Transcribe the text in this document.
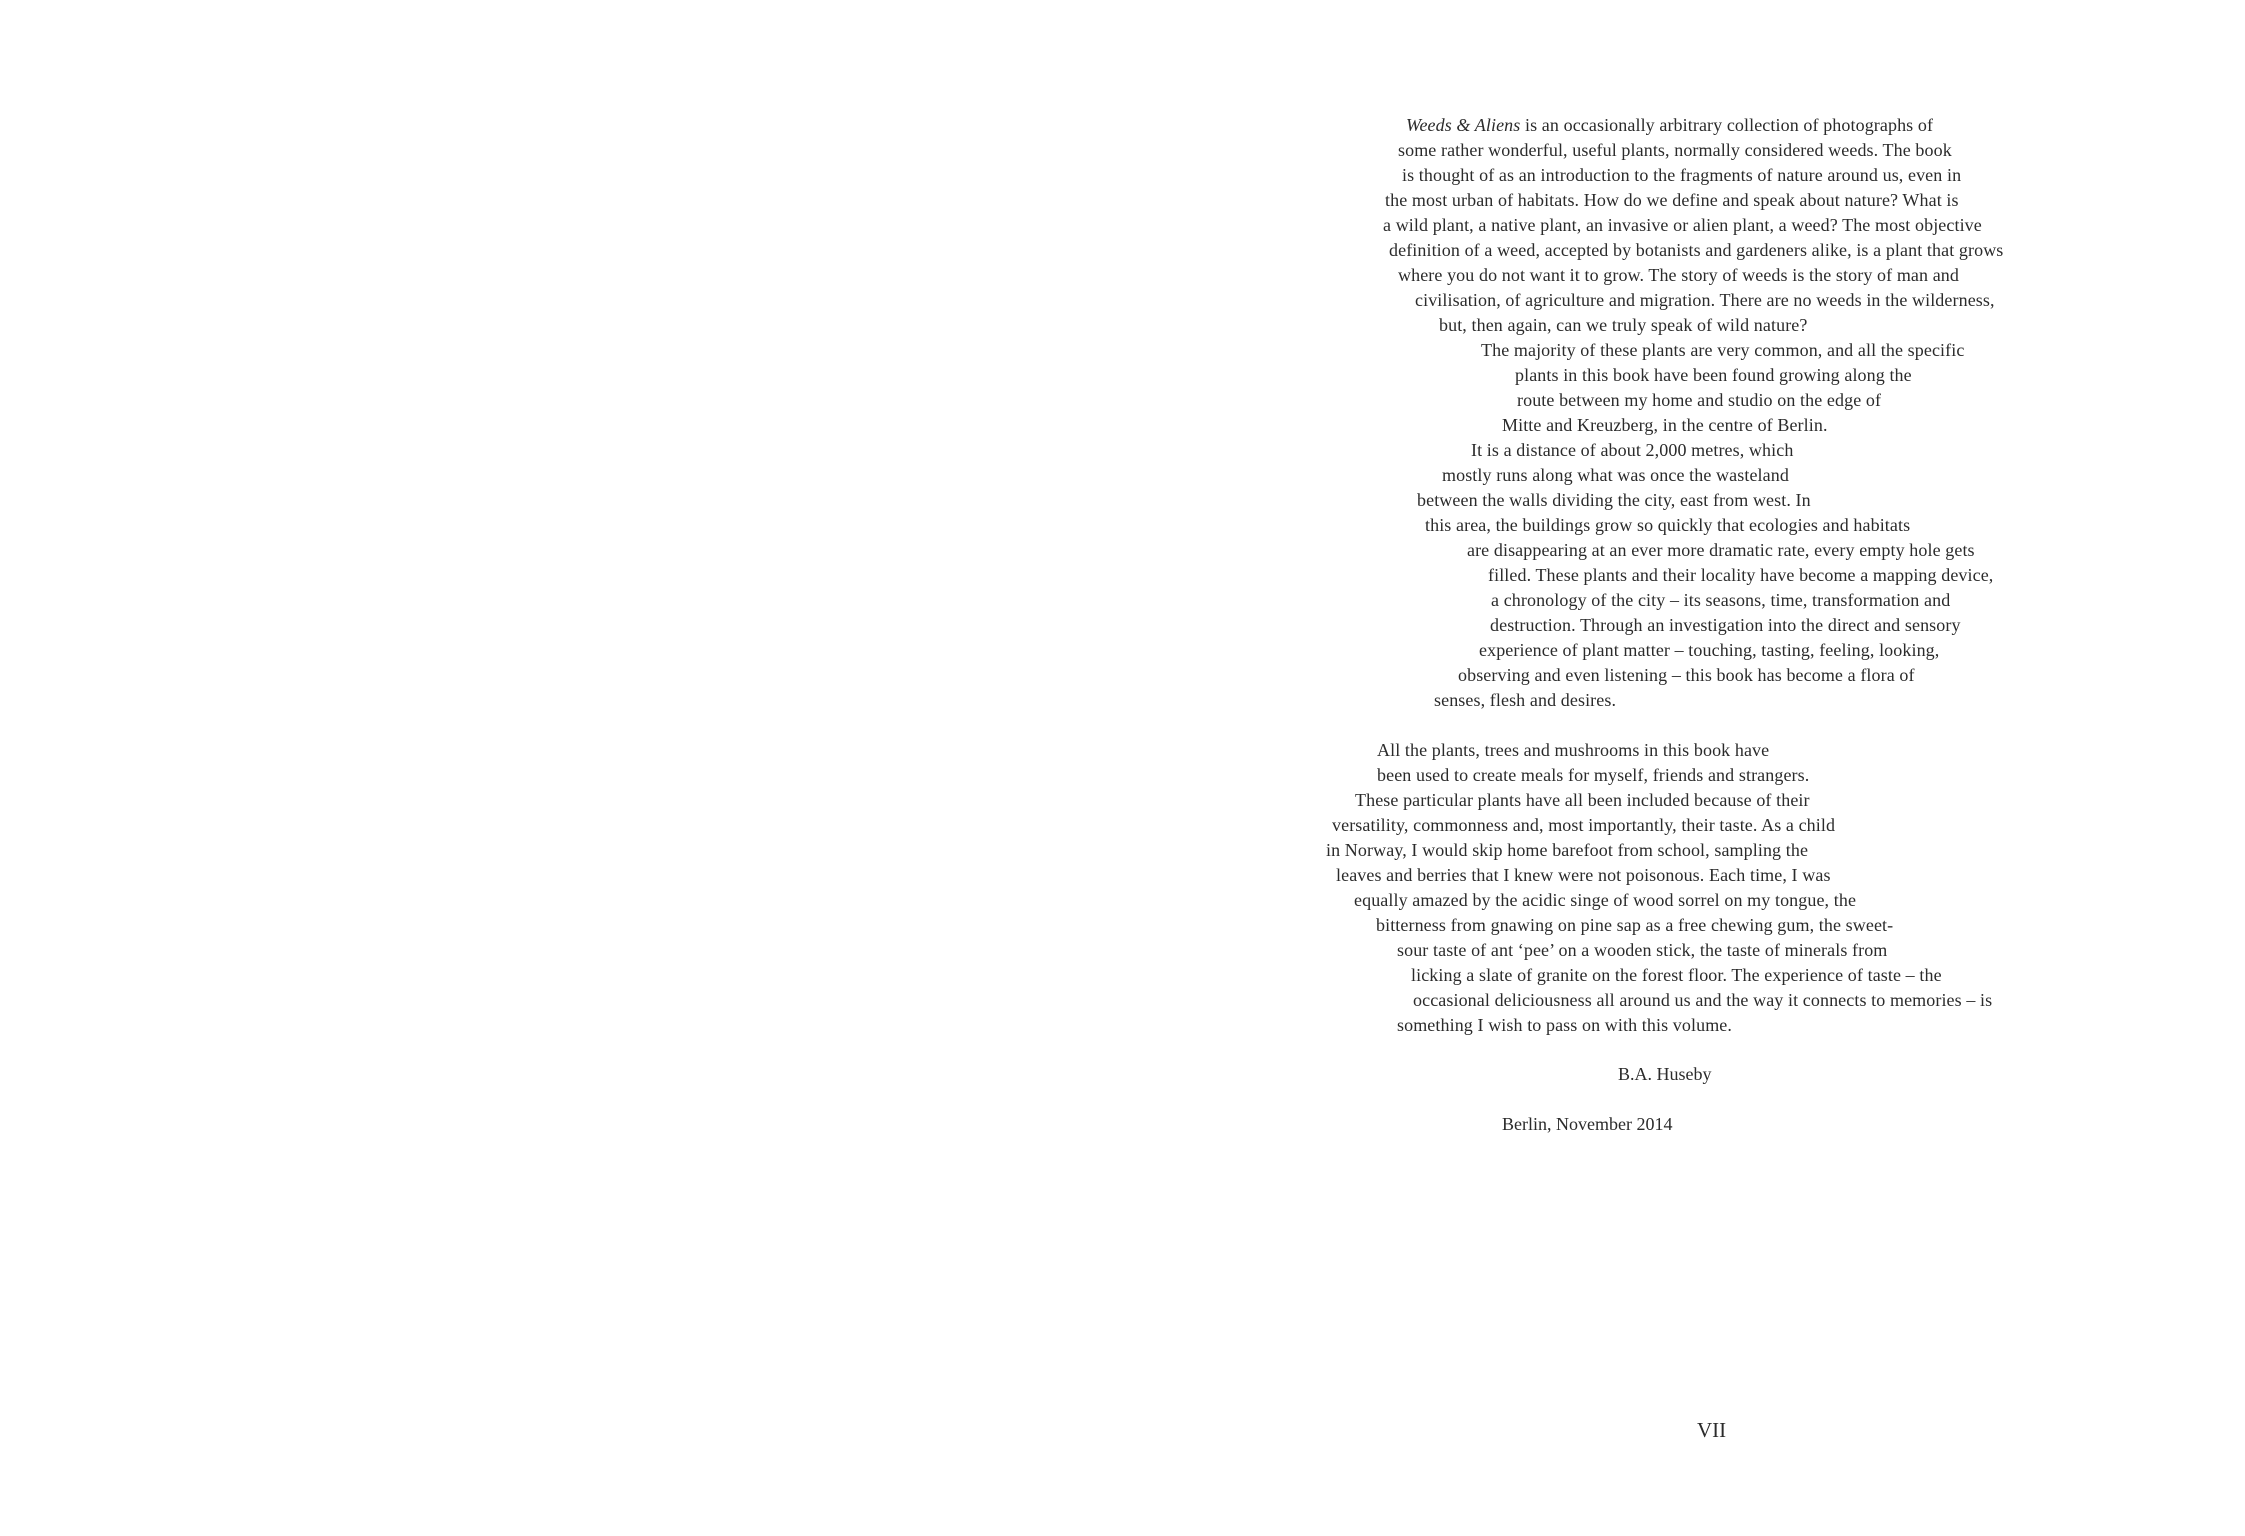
Weeds & Aliens is an occasionally arbitrary collection of photographs of
some rather wonderful, useful plants, normally considered weeds. The book
is thought of as an introduction to the fragments of nature around us, even in
the most urban of habitats. How do we define and speak about nature? What is
a wild plant, a native plant, an invasive or alien plant, a weed? The most objective
definition of a weed, accepted by botanists and gardeners alike, is a plant that grows
where you do not want it to grow. The story of weeds is the story of man and
civilisation, of agriculture and migration. There are no weeds in the wilderness,
but, then again, can we truly speak of wild nature?
The majority of these plants are very common, and all the specific
plants in this book have been found growing along the
route between my home and studio on the edge of
Mitte and Kreuzberg, in the centre of Berlin.
It is a distance of about 2,000 metres, which
mostly runs along what was once the wasteland
between the walls dividing the city, east from west. In
this area, the buildings grow so quickly that ecologies and habitats
are disappearing at an ever more dramatic rate, every empty hole gets
filled. These plants and their locality have become a mapping device,
a chronology of the city – its seasons, time, transformation and
destruction. Through an investigation into the direct and sensory
experience of plant matter – touching, tasting, feeling, looking,
observing and even listening – this book has become a flora of
senses, flesh and desires.
All the plants, trees and mushrooms in this book have
been used to create meals for myself, friends and strangers.
These particular plants have all been included because of their
versatility, commonness and, most importantly, their taste. As a child
in Norway, I would skip home barefoot from school, sampling the
leaves and berries that I knew were not poisonous. Each time, I was
equally amazed by the acidic singe of wood sorrel on my tongue, the
bitterness from gnawing on pine sap as a free chewing gum, the sweet-
sour taste of ant ‘pee’ on a wooden stick, the taste of minerals from
licking a slate of granite on the forest floor. The experience of taste – the
occasional deliciousness all around us and the way it connects to memories – is
something I wish to pass on with this volume.
B.A. Huseby
Berlin, November 2014
VII
